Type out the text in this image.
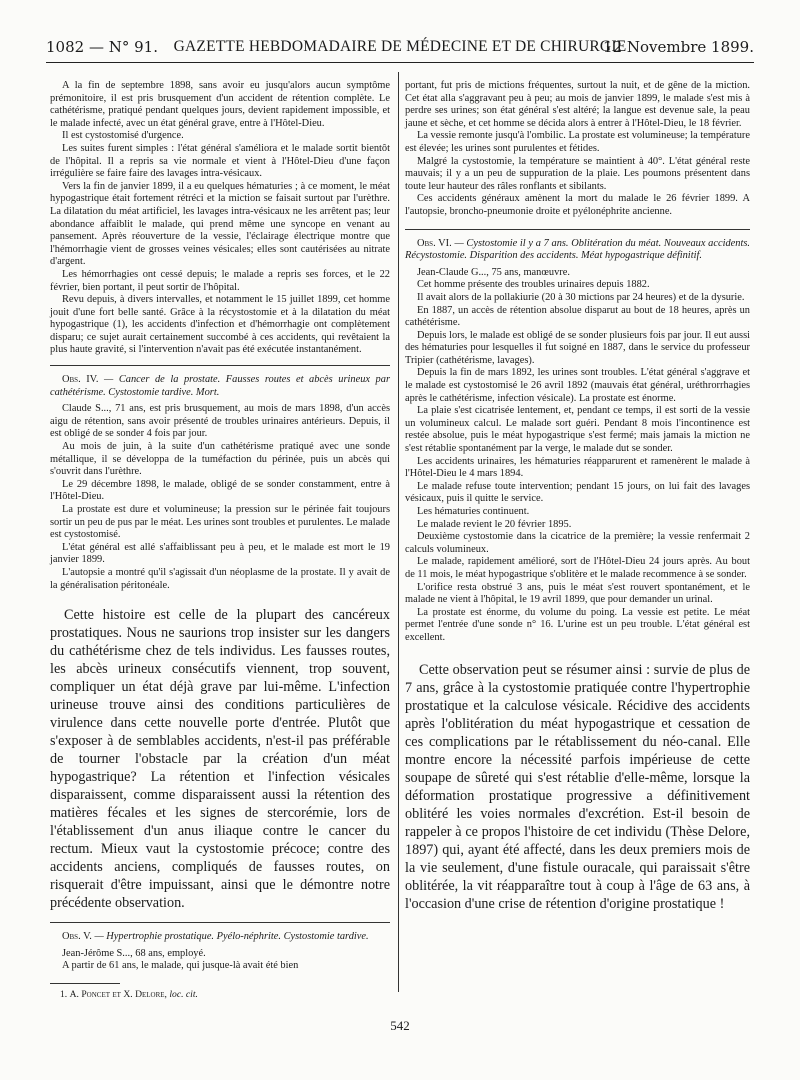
1082 — N° 91.	GAZETTE HEBDOMADAIRE DE MÉDECINE ET DE CHIRURGIE
12 Novembre 1899.

A la fin de septembre 1898, sans avoir eu jusqu'alors aucun symptôme prémonitoire, il est pris brusquement d'un accident de rétention complète. Le cathétérisme, pratiqué pendant quelques jours, devient rapidement impossible, et le malade infecté, avec un état général grave, entre à l'Hôtel-Dieu.

Il est cystostomisé d'urgence.

Les suites furent simples : l'état général s'améliora et le malade sortit bientôt de l'hôpital. Il a repris sa vie normale et vient à l'Hôtel-Dieu d'une façon irrégulière se faire faire des lavages intra-vésicaux.

Vers la fin de janvier 1899, il a eu quelques hématuries ; à ce moment, le méat hypogastrique était fortement rétréci et la miction se faisait surtout par l'urèthre. La dilatation du méat artificiel, les lavages intra-vésicaux ne les arrêtent pas; leur abondance affaiblit le malade, qui prend même une syncope en venant au pansement. Après réouverture de la vessie, l'éclairage électrique montre que l'hémorrhagie vient de grosses veines vésicales; elles sont cautérisées au nitrate d'argent.

Les hémorrhagies ont cessé depuis; le malade a repris ses forces, et le 22 février, bien portant, il peut sortir de l'hôpital.

Revu depuis, à divers intervalles, et notamment le 15 juillet 1899, cet homme jouit d'une fort belle santé. Grâce à la récystostomie et à la dilatation du méat hypogastrique (1), les accidents d'infection et d'hémorrhagie ont complètement disparu; ce sujet aurait certainement succombé à ces accidents, qui revêtaient la plus haute gravité, si l'intervention n'avait pas été exécutée instantanément.

Obs. IV. — Cancer de la prostate. Fausses routes et abcès urineux par cathétérisme. Cystostomie tardive. Mort.

Claude S..., 71 ans, est pris brusquement, au mois de mars 1898, d'un accès aigu de rétention, sans avoir présenté de troubles urinaires antérieurs. Depuis, il est obligé de se sonder 4 fois par jour.

Au mois de juin, à la suite d'un cathétérisme pratiqué avec une sonde métallique, il se développa de la tuméfaction du périnée, puis un abcès qui s'ouvrit dans l'urèthre.

Le 29 décembre 1898, le malade, obligé de se sonder constamment, entre à l'Hôtel-Dieu.

La prostate est dure et volumineuse; la pression sur le périnée fait toujours sortir un peu de pus par le méat. Les urines sont troubles et purulentes. Le malade est cystostomisé.

L'état général est allé s'affaiblissant peu à peu, et le malade est mort le 19 janvier 1899.

L'autopsie a montré qu'il s'agissait d'un néoplasme de la prostate. Il y avait de la généralisation péritonéale.

Cette histoire est celle de la plupart des cancéreux prostatiques. Nous ne saurions trop insister sur les dangers du cathétérisme chez de tels individus. Les fausses routes, les abcès urineux consécutifs viennent, trop souvent, compliquer un état déjà grave par lui-même. L'infection urineuse trouve ainsi des conditions particulières de virulence dans cette nouvelle porte d'entrée. Plutôt que s'exposer à de semblables accidents, n'est-il pas préférable de tourner l'obstacle par la création d'un méat hypogastrique? La rétention et l'infection vésicales disparaissent, comme disparaissent aussi la rétention des matières fécales et les signes de stercorémie, lors de l'établissement d'un anus iliaque contre le cancer du rectum. Mieux vaut la cystostomie précoce; contre des accidents anciens, compliqués de fausses routes, on risquerait d'être impuissant, ainsi que le démontre notre précédente observation.

Obs. V. — Hypertrophie prostatique. Pyélo-néphrite. Cystostomie tardive.

Jean-Jérôme S..., 68 ans, employé.

A partir de 61 ans, le malade, qui jusque-là avait été bien

1. A. Poncet et X. Delore, loc. cit.

portant, fut pris de mictions fréquentes, surtout la nuit, et de gêne de la miction. Cet état alla s'aggravant peu à peu; au mois de janvier 1899, le malade s'est mis à perdre ses urines; son état général s'est altéré; la langue est devenue sale, la peau jaune et sèche, et cet homme se décida alors à entrer à l'Hôtel-Dieu, le 18 février.

La vessie remonte jusqu'à l'ombilic. La prostate est volumineuse; la température est élevée; les urines sont purulentes et fétides.

Malgré la cystostomie, la température se maintient à 40°. L'état général reste mauvais; il y a un peu de suppuration de la plaie. Les poumons présentent dans toute leur hauteur des râles ronflants et sibilants.

Ces accidents généraux amènent la mort du malade le 26 février 1899. A l'autopsie, broncho-pneumonie droite et pyélonéphrite ancienne.

Obs. VI. — Cystostomie il y a 7 ans. Oblitération du méat. Nouveaux accidents. Récystostomie. Disparition des accidents. Méat hypogastrique définitif.

Jean-Claude G..., 75 ans, manœuvre.

Cet homme présente des troubles urinaires depuis 1882.

Il avait alors de la pollakiurie (20 à 30 mictions par 24 heures) et de la dysurie.

En 1887, un accès de rétention absolue disparut au bout de 18 heures, après un cathétérisme.

Depuis lors, le malade est obligé de se sonder plusieurs fois par jour. Il eut aussi des hématuries pour lesquelles il fut soigné en 1887, dans le service du professeur Tripier (cathétérisme, lavages).

Depuis la fin de mars 1892, les urines sont troubles. L'état général s'aggrave et le malade est cystostomisé le 26 avril 1892 (mauvais état général, uréthrorrhagies après le cathétérisme, infection vésicale). La prostate est énorme.

La plaie s'est cicatrisée lentement, et, pendant ce temps, il est sorti de la vessie un volumineux calcul. Le malade sort guéri. Pendant 8 mois l'incontinence est restée absolue, puis le méat hypogastrique s'est fermé; mais jamais la miction ne s'est rétablie spontanément par la verge, le malade dut se sonder.

Les accidents urinaires, les hématuries réapparurent et ramenèrent le malade à l'Hôtel-Dieu le 4 mars 1894.

Le malade refuse toute intervention; pendant 15 jours, on lui fait des lavages vésicaux, puis il quitte le service.

Les hématuries continuent.

Le malade revient le 20 février 1895.

Deuxième cystostomie dans la cicatrice de la première; la vessie renfermait 2 calculs volumineux.

Le malade, rapidement amélioré, sort de l'Hôtel-Dieu 24 jours après. Au bout de 11 mois, le méat hypogastrique s'oblitère et le malade recommence à se sonder.

L'orifice resta obstrué 3 ans, puis le méat s'est rouvert spontanément, et le malade ne vient à l'hôpital, le 19 avril 1899, que pour demander un urinal.

La prostate est énorme, du volume du poing. La vessie est petite. Le méat permet l'entrée d'une sonde n° 16. L'urine est un peu trouble. L'état général est excellent.

Cette observation peut se résumer ainsi : survie de plus de 7 ans, grâce à la cystostomie pratiquée contre l'hypertrophie prostatique et la calculose vésicale. Récidive des accidents après l'oblitération du méat hypogastrique et cessation de ces complications par le rétablissement du néo-canal. Elle montre encore la nécessité parfois impérieuse de cette soupape de sûreté qui s'est rétablie d'elle-même, lorsque la déformation prostatique progressive a définitivement oblitéré les voies normales d'excrétion. Est-il besoin de rappeler à ce propos l'histoire de cet individu (Thèse Delore, 1897) qui, ayant été affecté, dans les deux premiers mois de la vie seulement, d'une fistule ouracale, qui paraissait s'être oblitérée, la vit réapparaître tout à coup à l'âge de 63 ans, à l'occasion d'une crise de rétention d'origine prostatique !

542
